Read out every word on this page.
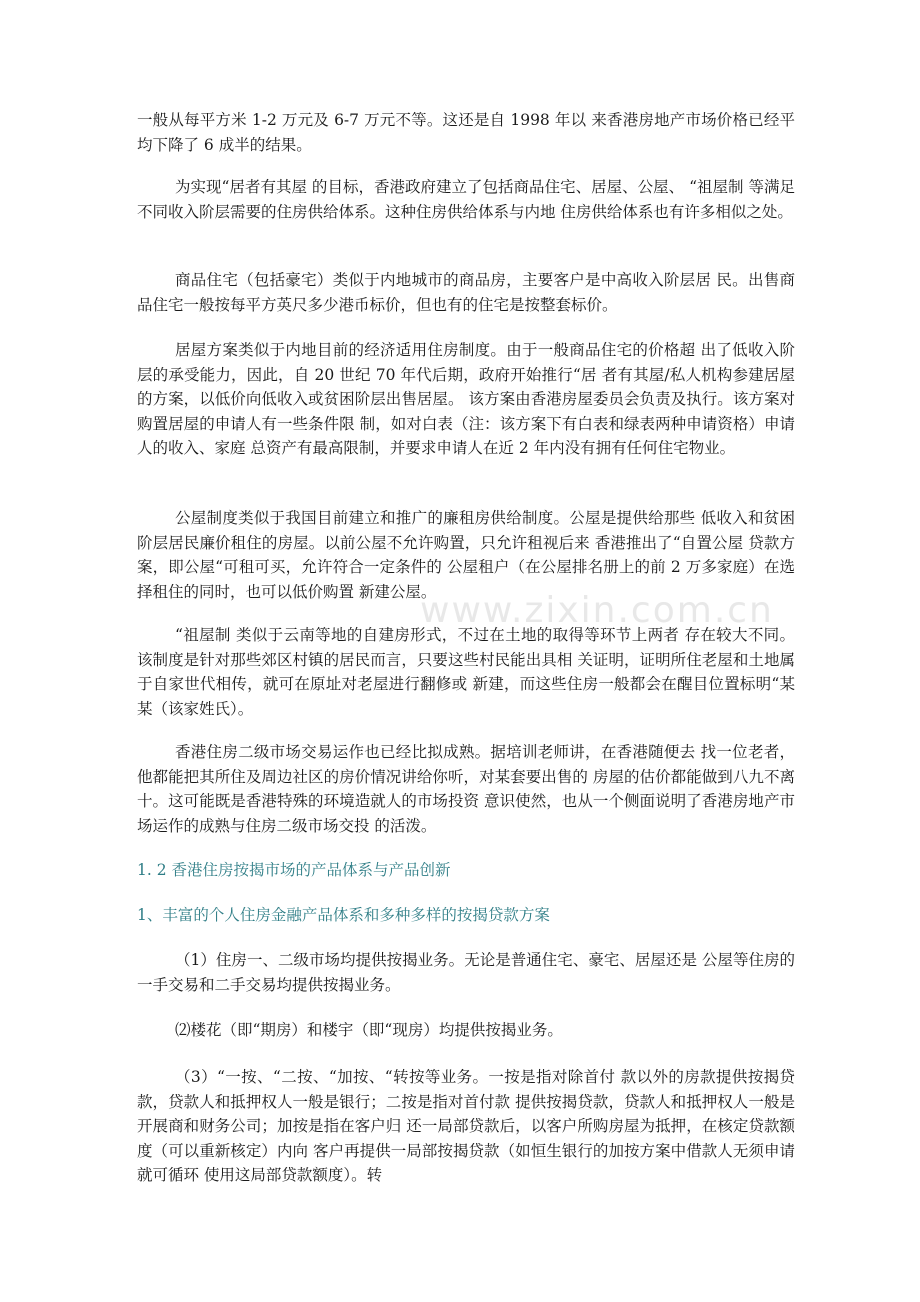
www.zixin.com.cn

一般从每平方米 1-2 万元及 6-7 万元不等。这还是自 1998 年以 来香港房地产市场价格已经平均下降了 6 成半的结果。

为实现“居者有其屋 的目标，香港政府建立了包括商品住宅、居屋、公屋、 “祖屋制 等满足不同收入阶层需要的住房供给体系。这种住房供给体系与内地 住房供给体系也有许多相似之处。

商品住宅（包括豪宅）类似于内地城市的商品房，主要客户是中高收入阶层居 民。出售商品住宅一般按每平方英尺多少港币标价，但也有的住宅是按整套标价。

居屋方案类似于内地目前的经济适用住房制度。由于一般商品住宅的价格超 出了低收入阶层的承受能力，因此，自 20 世纪 70 年代后期，政府开始推行“居 者有其屋/私人机构参建居屋 的方案，以低价向低收入或贫困阶层出售居屋。 该方案由香港房屋委员会负责及执行。该方案对购置居屋的申请人有一些条件限 制，如对白表（注：该方案下有白表和绿表两种申请资格）申请人的收入、家庭 总资产有最高限制，并要求申请人在近 2 年内没有拥有任何住宅物业。

公屋制度类似于我国目前建立和推广的廉租房供给制度。公屋是提供给那些 低收入和贫困阶层居民廉价租住的房屋。以前公屋不允许购置，只允许租视后来 香港推出了“自置公屋 贷款方案，即公屋“可租可买，允许符合一定条件的 公屋租户（在公屋排名册上的前 2 万多家庭）在选择租住的同时，也可以低价购置 新建公屋。

“祖屋制 类似于云南等地的自建房形式，不过在土地的取得等环节上两者 存在较大不同。该制度是针对那些郊区村镇的居民而言，只要这些村民能出具相 关证明，证明所住老屋和土地属于自家世代相传，就可在原址对老屋进行翻修或 新建，而这些住房一般都会在醒目位置标明“某某（该家姓氏）。

香港住房二级市场交易运作也已经比拟成熟。据培训老师讲，在香港随便去 找一位老者，他都能把其所住及周边社区的房价情况讲给你听，对某套要出售的 房屋的估价都能做到八九不离十。这可能既是香港特殊的环境造就人的市场投资 意识使然，也从一个侧面说明了香港房地产市场运作的成熟与住房二级市场交投 的活泼。

1. 2 香港住房按揭市场的产品体系与产品创新

1、丰富的个人住房金融产品体系和多种多样的按揭贷款方案

（1）住房一、二级市场均提供按揭业务。无论是普通住宅、豪宅、居屋还是 公屋等住房的一手交易和二手交易均提供按揭业务。

⑵楼花（即“期房）和楼宇（即“现房）均提供按揭业务。

（3）“一按、“二按、“加按、“转按等业务。一按是指对除首付 款以外的房款提供按揭贷款，贷款人和抵押权人一般是银行；二按是指对首付款 提供按揭贷款，贷款人和抵押权人一般是开展商和财务公司；加按是指在客户归 还一局部贷款后，以客户所购房屋为抵押，在核定贷款额度（可以重新核定）内向 客户再提供一局部按揭贷款（如恒生银行的加按方案中借款人无须申请就可循环 使用这局部贷款额度）。转
